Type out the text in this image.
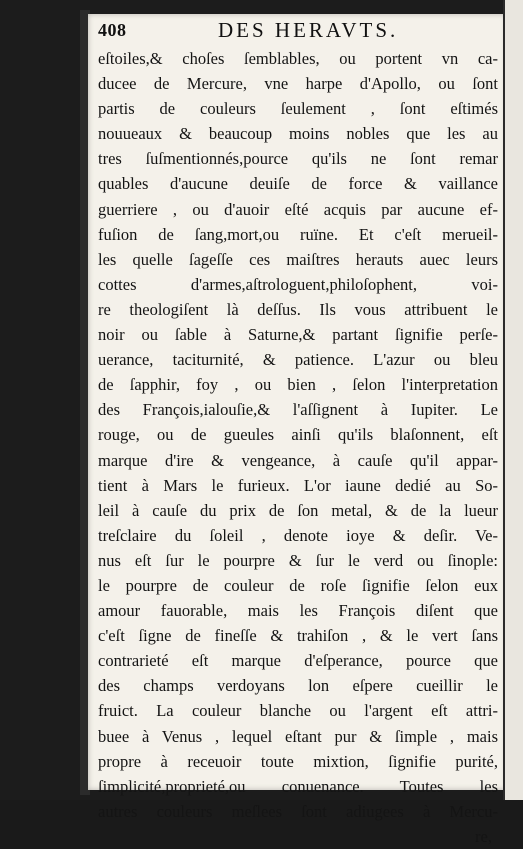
408	DES HERAVTS.
eſtoiles,& choſes ſemblables, ou portent vn ca-
ducee de Mercure, vne harpe d'Apollo, ou ſont
partis de couleurs ſeulement , ſont eſtimés
nouueaux & beaucoup moins nobles que les au
tres ſuſmentionnés,pource qu'ils ne ſont remar
quables d'aucune deuiſe de force & vaillance
guerriere , ou d'auoir eſté acquis par aucune ef-
fuſion de ſang,mort,ou ruïne. Et c'eſt merueil-
les quelle ſageſſe ces maiſtres herauts auec leurs
cottes d'armes,aſtrologuent,philoſophent, voi-
re theologiſent là deſſus. Ils vous attribuent le
noir ou ſable à Saturne,& partant ſignifie perſe-
uerance, taciturnité, & patience. L'azur ou bleu
de ſapphir, foy , ou bien , ſelon l'interpretation
des François,ialouſie,& l'aſſignent à Iupiter. Le
rouge, ou de gueules ainſi qu'ils blaſonnent, eſt
marque d'ire & vengeance, à cauſe qu'il appar-
tient à Mars le furieux. L'or iaune dedié au So-
leil à cauſe du prix de ſon metal, & de la lueur
treſclaire du ſoleil , denote ioye & deſir. Ve-
nus eſt ſur le pourpre & ſur le verd ou ſinople:
le pourpre de couleur de roſe ſignifie ſelon eux
amour fauorable, mais les François diſent que
c'eſt ſigne de fineſſe & trahiſon , & le vert ſans
contrarieté eſt marque d'eſperance, pource que
des champs verdoyans lon eſpere cueillir le
fruict. La couleur blanche ou l'argent eſt attri-
buee à Venus , lequel eſtant pur & ſimple , mais
propre à receuoir toute mixtion, ſignifie purité,
ſimplicité,proprieté,ou conuenance. Toutes les
autres couleurs meſlees ſont adiugees à Mercu-
re,
